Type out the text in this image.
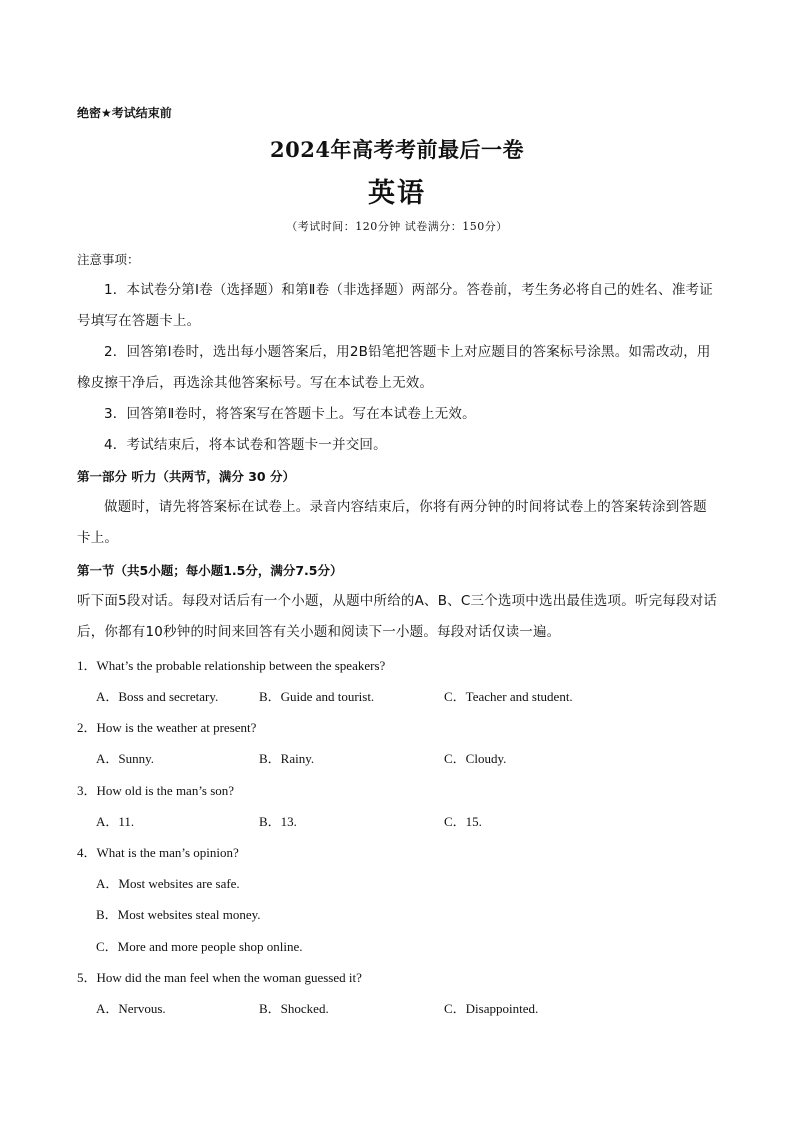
绝密★考试结束前
2024年高考考前最后一卷
英语
（考试时间：120分钟 试卷满分：150分）
注意事项：
1．本试卷分第Ⅰ卷（选择题）和第Ⅱ卷（非选择题）两部分。答卷前，考生务必将自己的姓名、准考证号填写在答题卡上。
2．回答第Ⅰ卷时，选出每小题答案后，用2B铅笔把答题卡上对应题目的答案标号涂黑。如需改动，用橡皮擦干净后，再选涂其他答案标号。写在本试卷上无效。
3．回答第Ⅱ卷时，将答案写在答题卡上。写在本试卷上无效。
4．考试结束后，将本试卷和答题卡一并交回。
第一部分 听力（共两节，满分 30 分）
做题时，请先将答案标在试卷上。录音内容结束后，你将有两分钟的时间将试卷上的答案转涂到答题卡上。
第一节（共5小题；每小题1.5分，满分7.5分）
听下面5段对话。每段对话后有一个小题，从题中所给的A、B、C三个选项中选出最佳选项。听完每段对话后，你都有10秒钟的时间来回答有关小题和阅读下一小题。每段对话仅读一遍。
1．What’s the probable relationship between the speakers?
A．Boss and secretary.	B．Guide and tourist.	C．Teacher and student.
2．How is the weather at present?
A．Sunny.	B．Rainy.	C．Cloudy.
3．How old is the man’s son?
A．11.	B．13.	C．15.
4．What is the man’s opinion?
A．Most websites are safe.
B．Most websites steal money.
C．More and more people shop online.
5．How did the man feel when the woman guessed it?
A．Nervous.	B．Shocked.	C．Disappointed.
